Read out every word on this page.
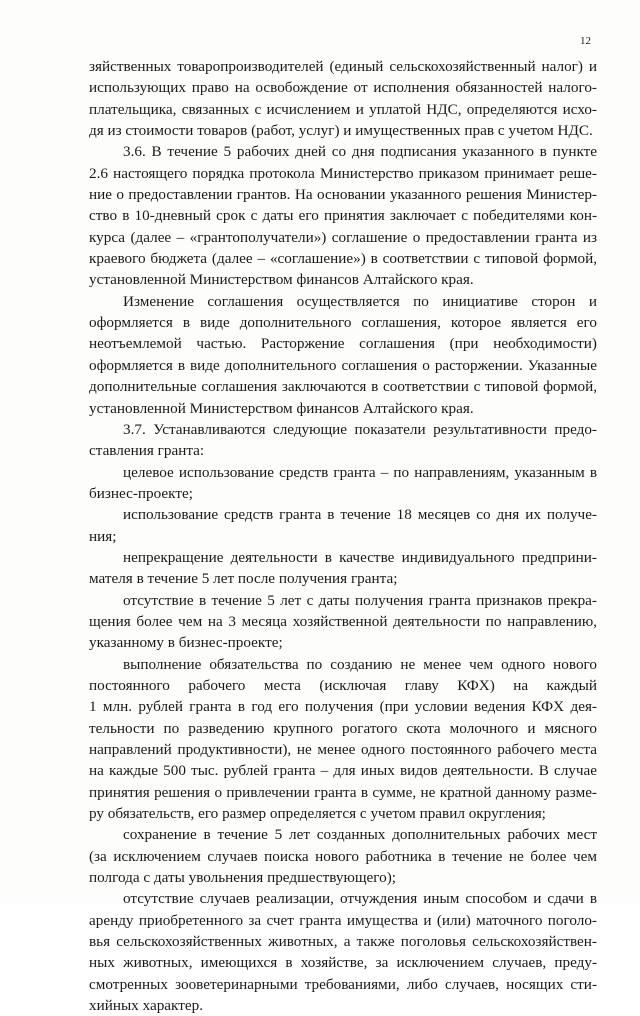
12
зяйственных товаропроизводителей (единый сельскохозяйственный налог) и
использующих право на освобождение от исполнения обязанностей налого-
плательщика, связанных с исчислением и уплатой НДС, определяются исхо-
дя из стоимости товаров (работ, услуг) и имущественных прав с учетом НДС.
3.6. В течение 5 рабочих дней со дня подписания указанного в пункте
2.6 настоящего порядка протокола Министерство приказом принимает реше-
ние о предоставлении грантов. На основании указанного решения Министер-
ство в 10-дневный срок с даты его принятия заключает с победителями кон-
курса (далее – «грантополучатели») соглашение о предоставлении гранта из
краевого бюджета (далее – «соглашение») в соответствии с типовой формой,
установленной Министерством финансов Алтайского края.
Изменение соглашения осуществляется по инициативе сторон и
оформляется в виде дополнительного соглашения, которое является его
неотъемлемой частью. Расторжение соглашения (при необходимости)
оформляется в виде дополнительного соглашения о расторжении. Указанные
дополнительные соглашения заключаются в соответствии с типовой формой,
установленной Министерством финансов Алтайского края.
3.7. Устанавливаются следующие показатели результативности предо-
ставления гранта:
целевое использование средств гранта – по направлениям, указанным в
бизнес-проекте;
использование средств гранта в течение 18 месяцев со дня их получе-
ния;
непрекращение деятельности в качестве индивидуального предприни-
мателя в течение 5 лет после получения гранта;
отсутствие в течение 5 лет с даты получения гранта признаков прекра-
щения более чем на 3 месяца хозяйственной деятельности по направлению,
указанному в бизнес-проекте;
выполнение обязательства по созданию не менее чем одного нового
постоянного рабочего места (исключая главу КФХ) на каждый
1 млн. рублей гранта в год его получения (при условии ведения КФХ дея-
тельности по разведению крупного рогатого скота молочного и мясного
направлений продуктивности), не менее одного постоянного рабочего места
на каждые 500 тыс. рублей гранта – для иных видов деятельности. В случае
принятия решения о привлечении гранта в сумме, не кратной данному разме-
ру обязательств, его размер определяется с учетом правил округления;
сохранение в течение 5 лет созданных дополнительных рабочих мест
(за исключением случаев поиска нового работника в течение не более чем
полгода с даты увольнения предшествующего);
отсутствие случаев реализации, отчуждения иным способом и сдачи в
аренду приобретенного за счет гранта имущества и (или) маточного поголо-
вья сельскохозяйственных животных, а также поголовья сельскохозяйствен-
ных животных, имеющихся в хозяйстве, за исключением случаев, преду-
смотренных зооветеринарными требованиями, либо случаев, носящих сти-
хийных характер.
